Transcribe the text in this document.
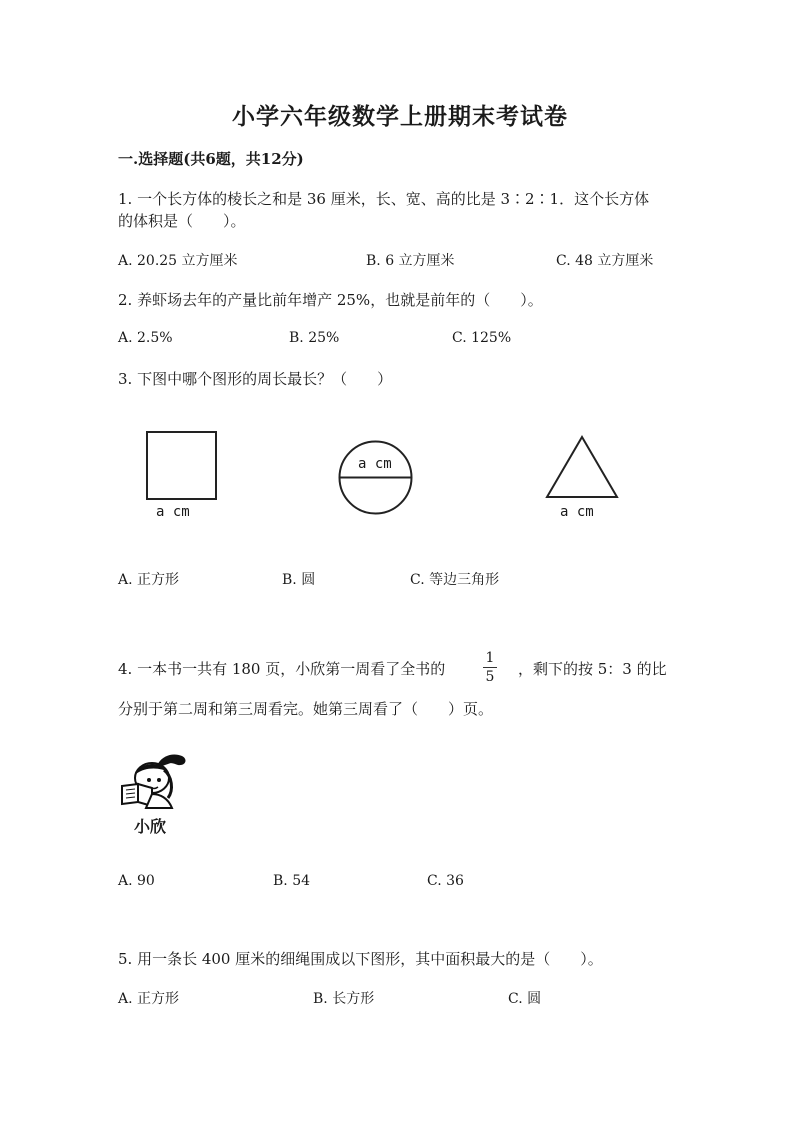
小学六年级数学上册期末考试卷
一.选择题(共6题，共12分)
1. 一个长方体的棱长之和是 36 厘米，长、宽、高的比是 3∶2∶1．这个长方体
的体积是（　　）。
A. 20.25 立方厘米	B. 6 立方厘米	C. 48 立方厘米
2. 养虾场去年的产量比前年增产 25%，也就是前年的（　　）。
A. 2.5%	B. 25%	C. 125%
3. 下图中哪个图形的周长最长？（　　）
a cm
a cm
a cm
A. 正方形	B. 圆	C. 等边三角形
4. 一本书一共有 180 页，小欣第一周看了全书的
1
5	，剩下的按 5：3 的比
分别于第二周和第三周看完。她第三周看了（　　）页。
小欣
A. 90	B. 54	C. 36
5. 用一条长 400 厘米的细绳围成以下图形，其中面积最大的是（　　）。
A. 正方形	B. 长方形	C. 圆
